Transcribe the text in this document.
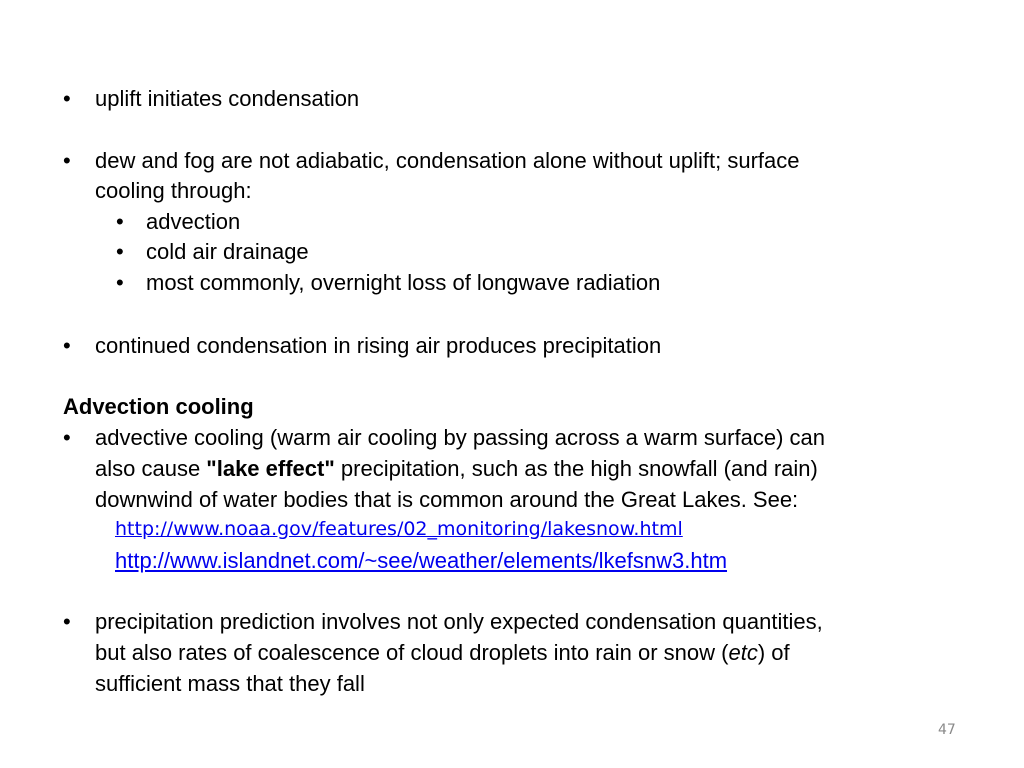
• uplift initiates condensation
• dew and fog are not adiabatic, condensation alone without uplift; surface
cooling through:
• advection
• cold air drainage
• most commonly, overnight loss of longwave radiation
• continued condensation in rising air produces precipitation
Advection cooling
• advective cooling (warm air cooling by passing across a warm surface) can
also cause "lake effect" precipitation, such as the high snowfall (and rain)
downwind of water bodies that is common around the Great Lakes. See:
http://www.noaa.gov/features/02_monitoring/lakesnow.html
http://www.islandnet.com/~see/weather/elements/lkefsnw3.htm
• precipitation prediction involves not only expected condensation quantities,
but also rates of coalescence of cloud droplets into rain or snow (etc) of
sufficient mass that they fall
47
